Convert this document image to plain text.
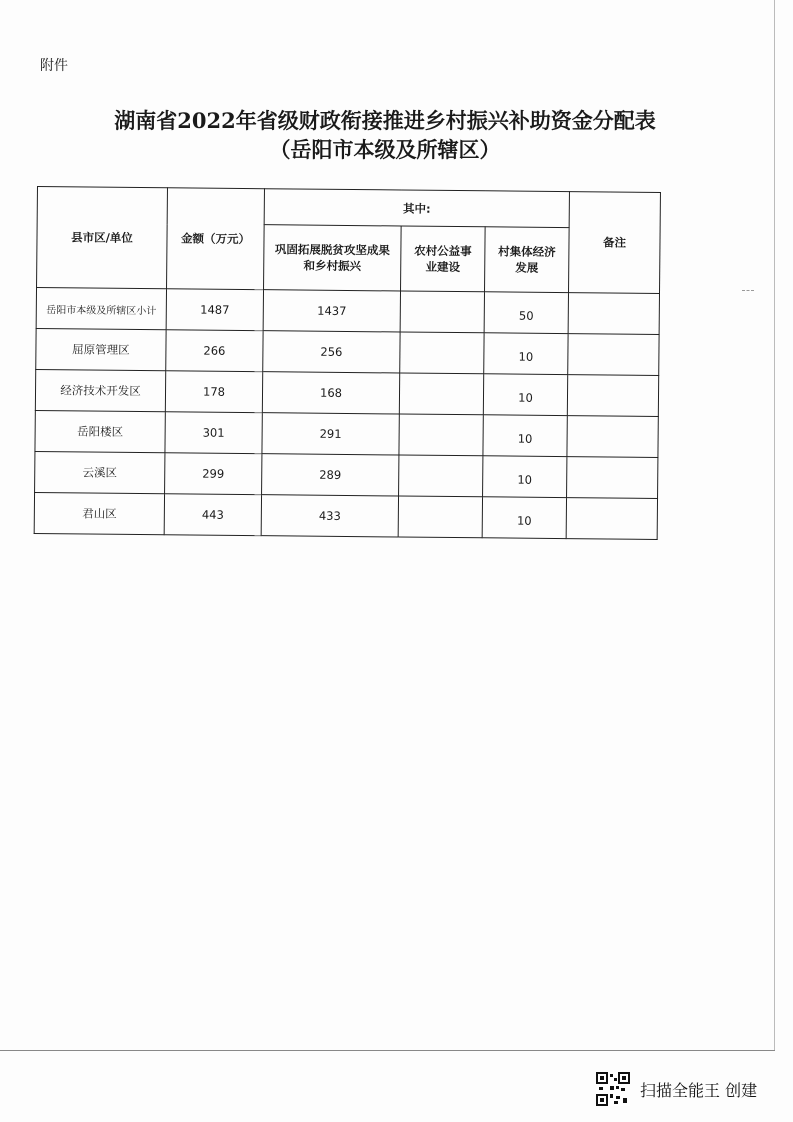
附件
湖南省2022年省级财政衔接推进乡村振兴补助资金分配表
（岳阳市本级及所辖区）
县市区/单位	金额（万元）	其中:			备注
		巩固拓展脱贫攻坚成果和乡村振兴	农村公益事业建设	村集体经济发展	
岳阳市本级及所辖区小计	1487	1437		50	
屈原管理区	266	256		10	
经济技术开发区	178	168		10	
岳阳楼区	301	291		10	
云溪区	299	289		10	
君山区	443	433		10	
扫描全能王 创建
